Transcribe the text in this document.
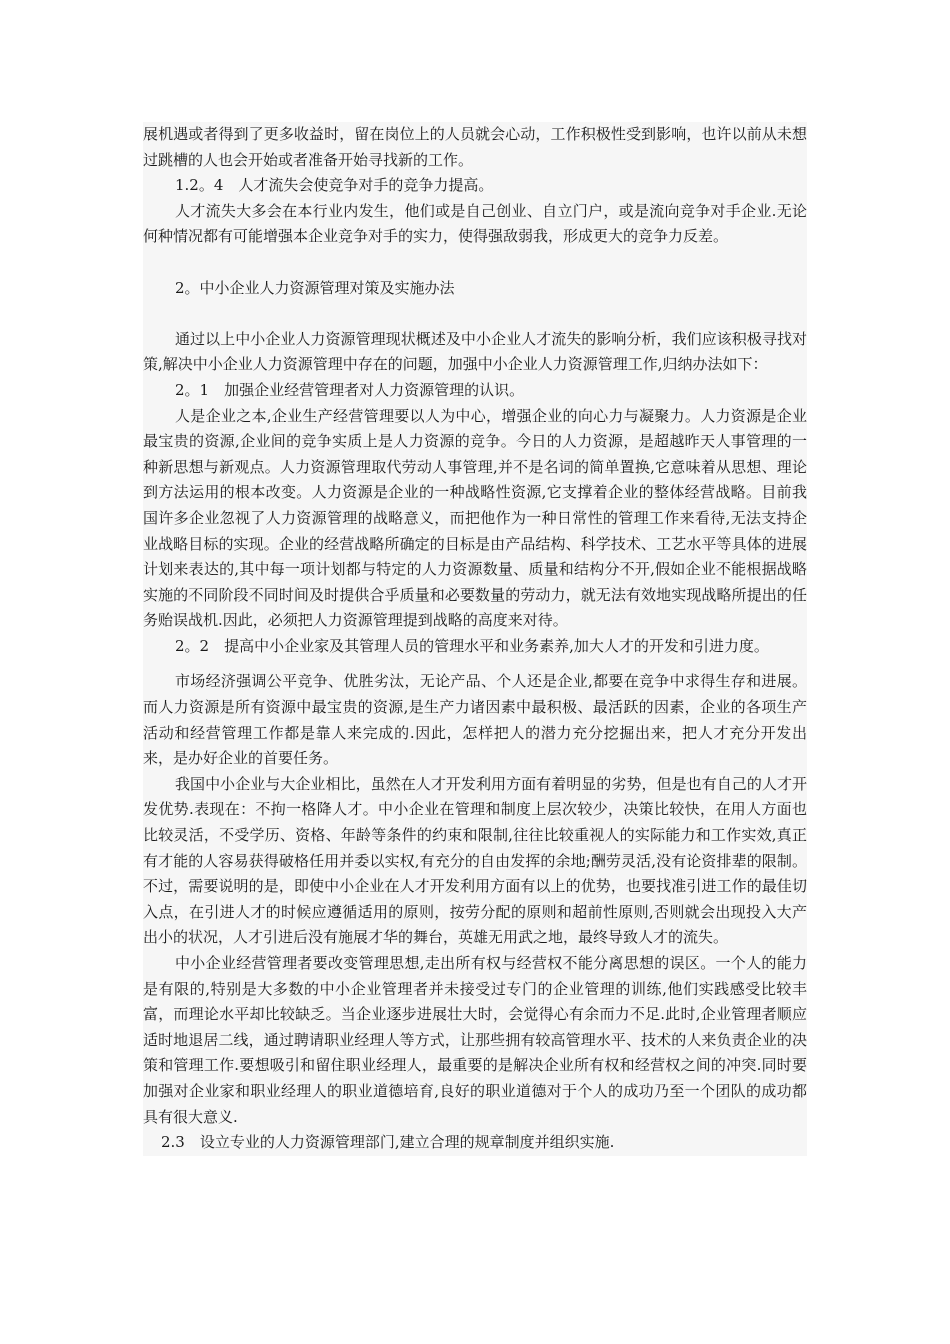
展机遇或者得到了更多收益时，留在岗位上的人员就会心动，工作积极性受到影响，也许以前从未想过跳槽的人也会开始或者准备开始寻找新的工作。

1.2。4　人才流失会使竞争对手的竞争力提高。

人才流失大多会在本行业内发生，他们或是自己创业、自立门户，或是流向竞争对手企业.无论何种情况都有可能增强本企业竞争对手的实力，使得强敌弱我，形成更大的竞争力反差。

2。中小企业人力资源管理对策及实施办法

通过以上中小企业人力资源管理现状概述及中小企业人才流失的影响分析，我们应该积极寻找对策,解决中小企业人力资源管理中存在的问题，加强中小企业人力资源管理工作,归纳办法如下：

2。1　加强企业经营管理者对人力资源管理的认识。

人是企业之本,企业生产经营管理要以人为中心，增强企业的向心力与凝聚力。人力资源是企业最宝贵的资源,企业间的竞争实质上是人力资源的竞争。今日的人力资源，是超越昨天人事管理的一种新思想与新观点。人力资源管理取代劳动人事管理,并不是名词的简单置换,它意味着从思想、理论到方法运用的根本改变。人力资源是企业的一种战略性资源,它支撑着企业的整体经营战略。目前我国许多企业忽视了人力资源管理的战略意义，而把他作为一种日常性的管理工作来看待,无法支持企业战略目标的实现。企业的经营战略所确定的目标是由产品结构、科学技术、工艺水平等具体的进展计划来表达的,其中每一项计划都与特定的人力资源数量、质量和结构分不开,假如企业不能根据战略实施的不同阶段不同时间及时提供合乎质量和必要数量的劳动力，就无法有效地实现战略所提出的任务贻误战机.因此，必须把人力资源管理提到战略的高度来对待。

2。2　提高中小企业家及其管理人员的管理水平和业务素养,加大人才的开发和引进力度。

市场经济强调公平竞争、优胜劣汰，无论产品、个人还是企业,都要在竞争中求得生存和进展。而人力资源是所有资源中最宝贵的资源,是生产力诸因素中最积极、最活跃的因素，企业的各项生产活动和经营管理工作都是靠人来完成的.因此，怎样把人的潜力充分挖掘出来，把人才充分开发出来，是办好企业的首要任务。

我国中小企业与大企业相比，虽然在人才开发利用方面有着明显的劣势，但是也有自己的人才开发优势.表现在：不拘一格降人才。中小企业在管理和制度上层次较少，决策比较快，在用人方面也比较灵活，不受学历、资格、年龄等条件的约束和限制,往往比较重视人的实际能力和工作实效,真正有才能的人容易获得破格任用并委以实权,有充分的自由发挥的余地;酬劳灵活,没有论资排辈的限制。不过，需要说明的是，即使中小企业在人才开发利用方面有以上的优势，也要找准引进工作的最佳切入点，在引进人才的时候应遵循适用的原则，按劳分配的原则和超前性原则,否则就会出现投入大产出小的状况，人才引进后没有施展才华的舞台，英雄无用武之地，最终导致人才的流失。

中小企业经营管理者要改变管理思想,走出所有权与经营权不能分离思想的误区。一个人的能力是有限的,特别是大多数的中小企业管理者并未接受过专门的企业管理的训练,他们实践感受比较丰富，而理论水平却比较缺乏。当企业逐步进展壮大时，会觉得心有余而力不足.此时,企业管理者顺应适时地退居二线，通过聘请职业经理人等方式，让那些拥有较高管理水平、技术的人来负责企业的决策和管理工作.要想吸引和留住职业经理人，最重要的是解决企业所有权和经营权之间的冲突.同时要加强对企业家和职业经理人的职业道德培育,良好的职业道德对于个人的成功乃至一个团队的成功都具有很大意义.

2.3　设立专业的人力资源管理部门,建立合理的规章制度并组织实施.
